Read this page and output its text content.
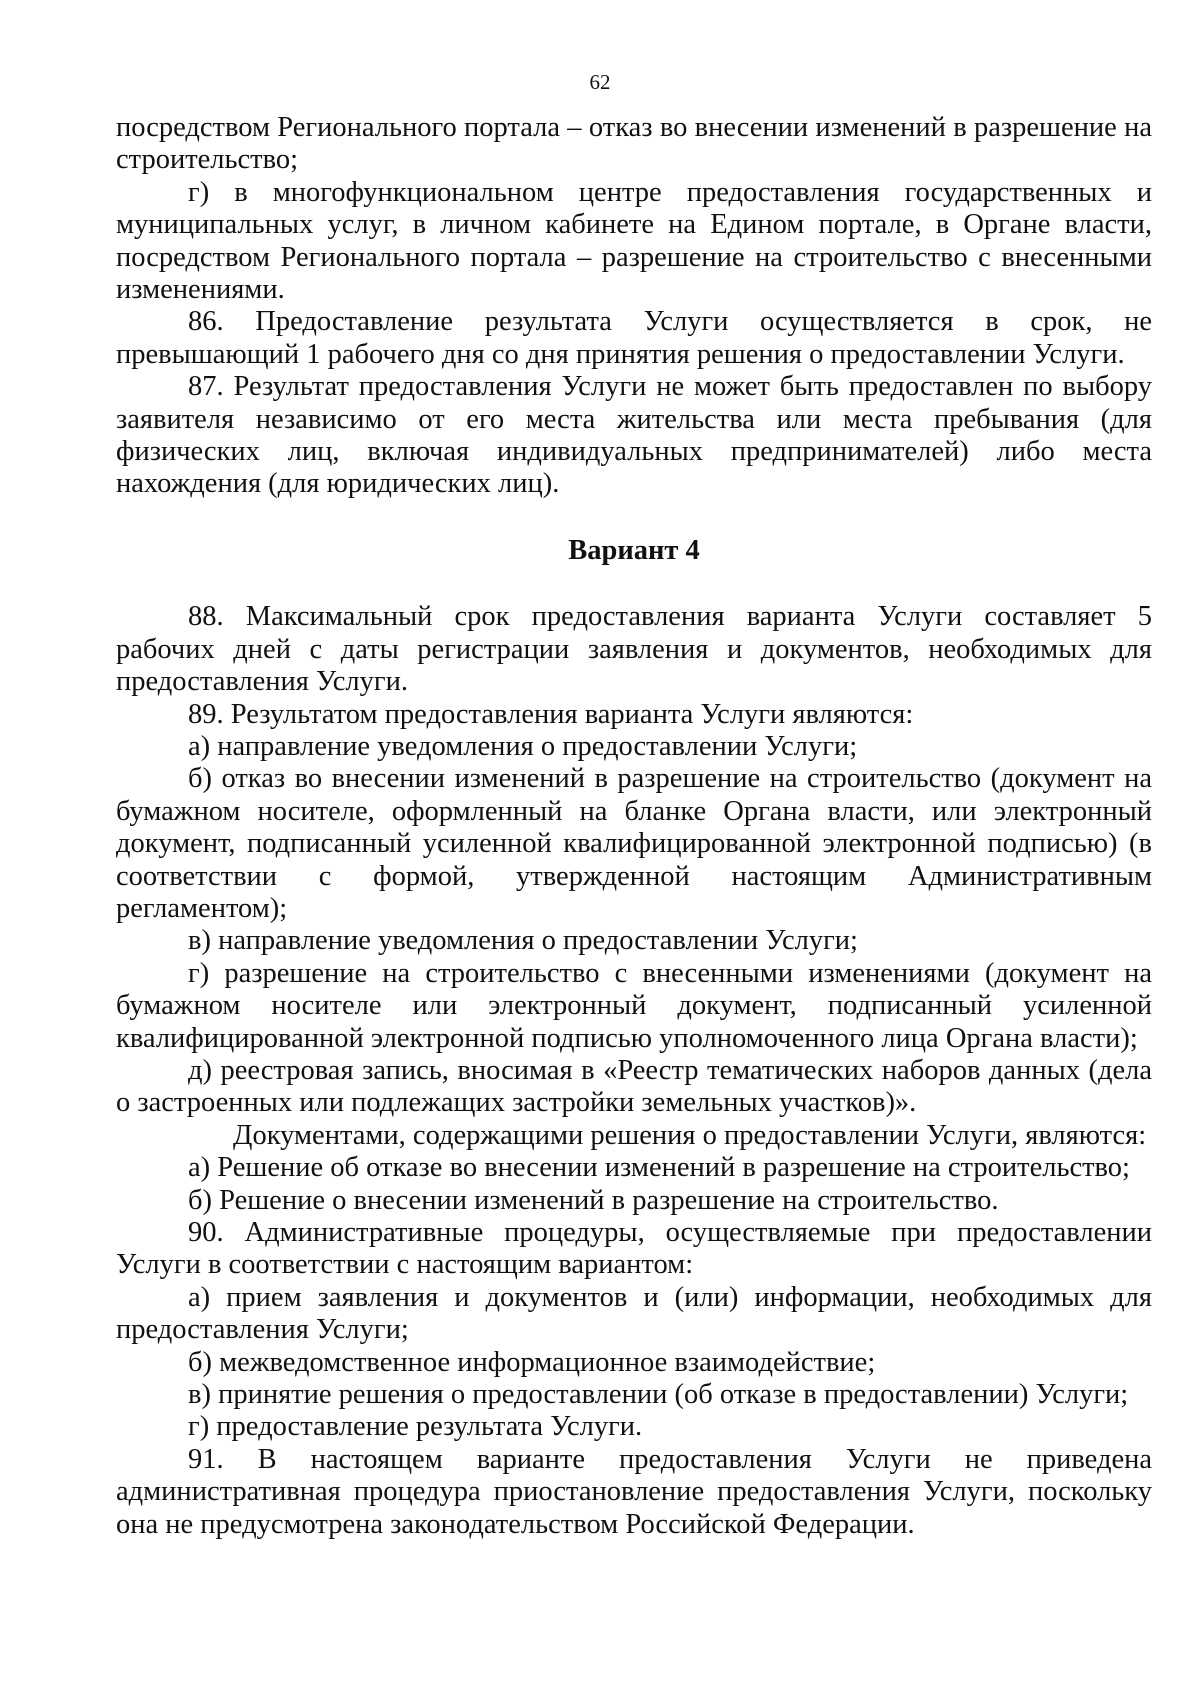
62

посредством Регионального портала – отказ во внесении изменений в разрешение на строительство;

г) в многофункциональном центре предоставления государственных и муниципальных услуг, в личном кабинете на Едином портале, в Органе власти, посредством Регионального портала – разрешение на строительство с внесенными изменениями.

86. Предоставление результата Услуги осуществляется в срок, не превышающий 1 рабочего дня со дня принятия решения о предоставлении Услуги.

87. Результат предоставления Услуги не может быть предоставлен по выбору заявителя независимо от его места жительства или места пребывания (для физических лиц, включая индивидуальных предпринимателей) либо места нахождения (для юридических лиц).

Вариант 4

88. Максимальный срок предоставления варианта Услуги составляет 5 рабочих дней с даты регистрации заявления и документов, необходимых для предоставления Услуги.

89. Результатом предоставления варианта Услуги являются:

а) направление уведомления о предоставлении Услуги;

б) отказ во внесении изменений в разрешение на строительство (документ на бумажном носителе, оформленный на бланке Органа власти, или электронный документ, подписанный усиленной квалифицированной электронной подписью) (в соответствии с формой, утвержденной настоящим Административным регламентом);

в) направление уведомления о предоставлении Услуги;

г) разрешение на строительство с внесенными изменениями (документ на бумажном носителе или электронный документ, подписанный усиленной квалифицированной электронной подписью уполномоченного лица Органа власти);

д) реестровая запись, вносимая в «Реестр тематических наборов данных (дела о застроенных или подлежащих застройки земельных участков)».

Документами, содержащими решения о предоставлении Услуги, являются:

а) Решение об отказе во внесении изменений в разрешение на строительство;

б) Решение о внесении изменений в разрешение на строительство.

90. Административные процедуры, осуществляемые при предоставлении Услуги в соответствии с настоящим вариантом:

а) прием заявления и документов и (или) информации, необходимых для предоставления Услуги;

б) межведомственное информационное взаимодействие;

в) принятие решения о предоставлении (об отказе в предоставлении) Услуги;

г) предоставление результата Услуги.

91. В настоящем варианте предоставления Услуги не приведена административная процедура приостановление предоставления Услуги, поскольку она не предусмотрена законодательством Российской Федерации.
